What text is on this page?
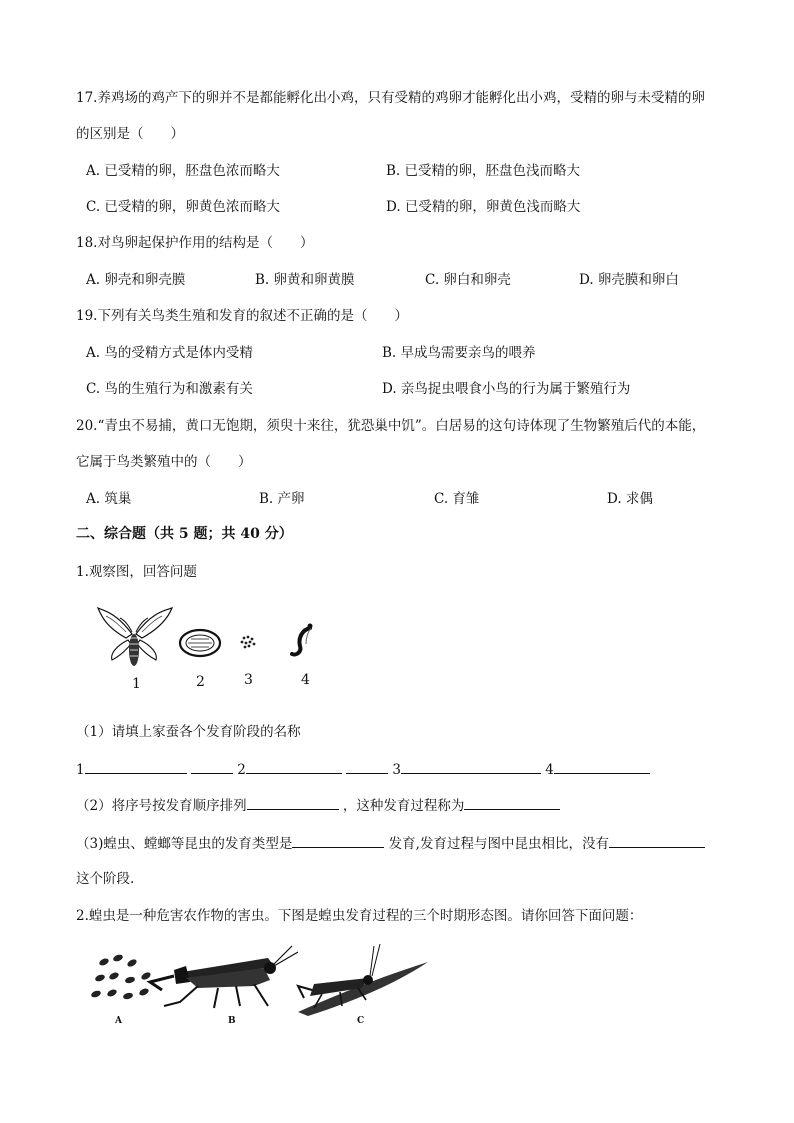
17.养鸡场的鸡产下的卵并不是都能孵化出小鸡，只有受精的鸡卵才能孵化出小鸡，受精的卵与未受精的卵
的区别是（　　）
A. 已受精的卵，胚盘色浓而略大	B. 已受精的卵，胚盘色浅而略大
C. 已受精的卵，卵黄色浓而略大	D. 已受精的卵，卵黄色浅而略大
18.对鸟卵起保护作用的结构是（　　）
A. 卵壳和卵壳膜	B. 卵黄和卵黄膜	C. 卵白和卵壳	D. 卵壳膜和卵白
19.下列有关鸟类生殖和发育的叙述不正确的是（　　）
A. 鸟的受精方式是体内受精	B. 早成鸟需要亲鸟的喂养
C. 鸟的生殖行为和激素有关	D. 亲鸟捉虫喂食小鸟的行为属于繁殖行为
20.“青虫不易捕，黄口无饱期，须臾十来往，犹恐巢中饥”。白居易的这句诗体现了生物繁殖后代的本能，
它属于鸟类繁殖中的（　　）
A. 筑巢	B. 产卵	C. 育雏	D. 求偶
二、综合题（共 5 题；共 40 分）
1.观察图，回答问题
1	2	3	4
（1）请填上家蚕各个发育阶段的名称
1	2	3	4
（2）将序号按发育顺序排列	，这种发育过程称为
（3)蝗虫、螳螂等昆虫的发育类型是	发育,发育过程与图中昆虫相比，没有
这个阶段.
2.蝗虫是一种危害农作物的害虫。下图是蝗虫发育过程的三个时期形态图。请你回答下面问题：
A	B	C
